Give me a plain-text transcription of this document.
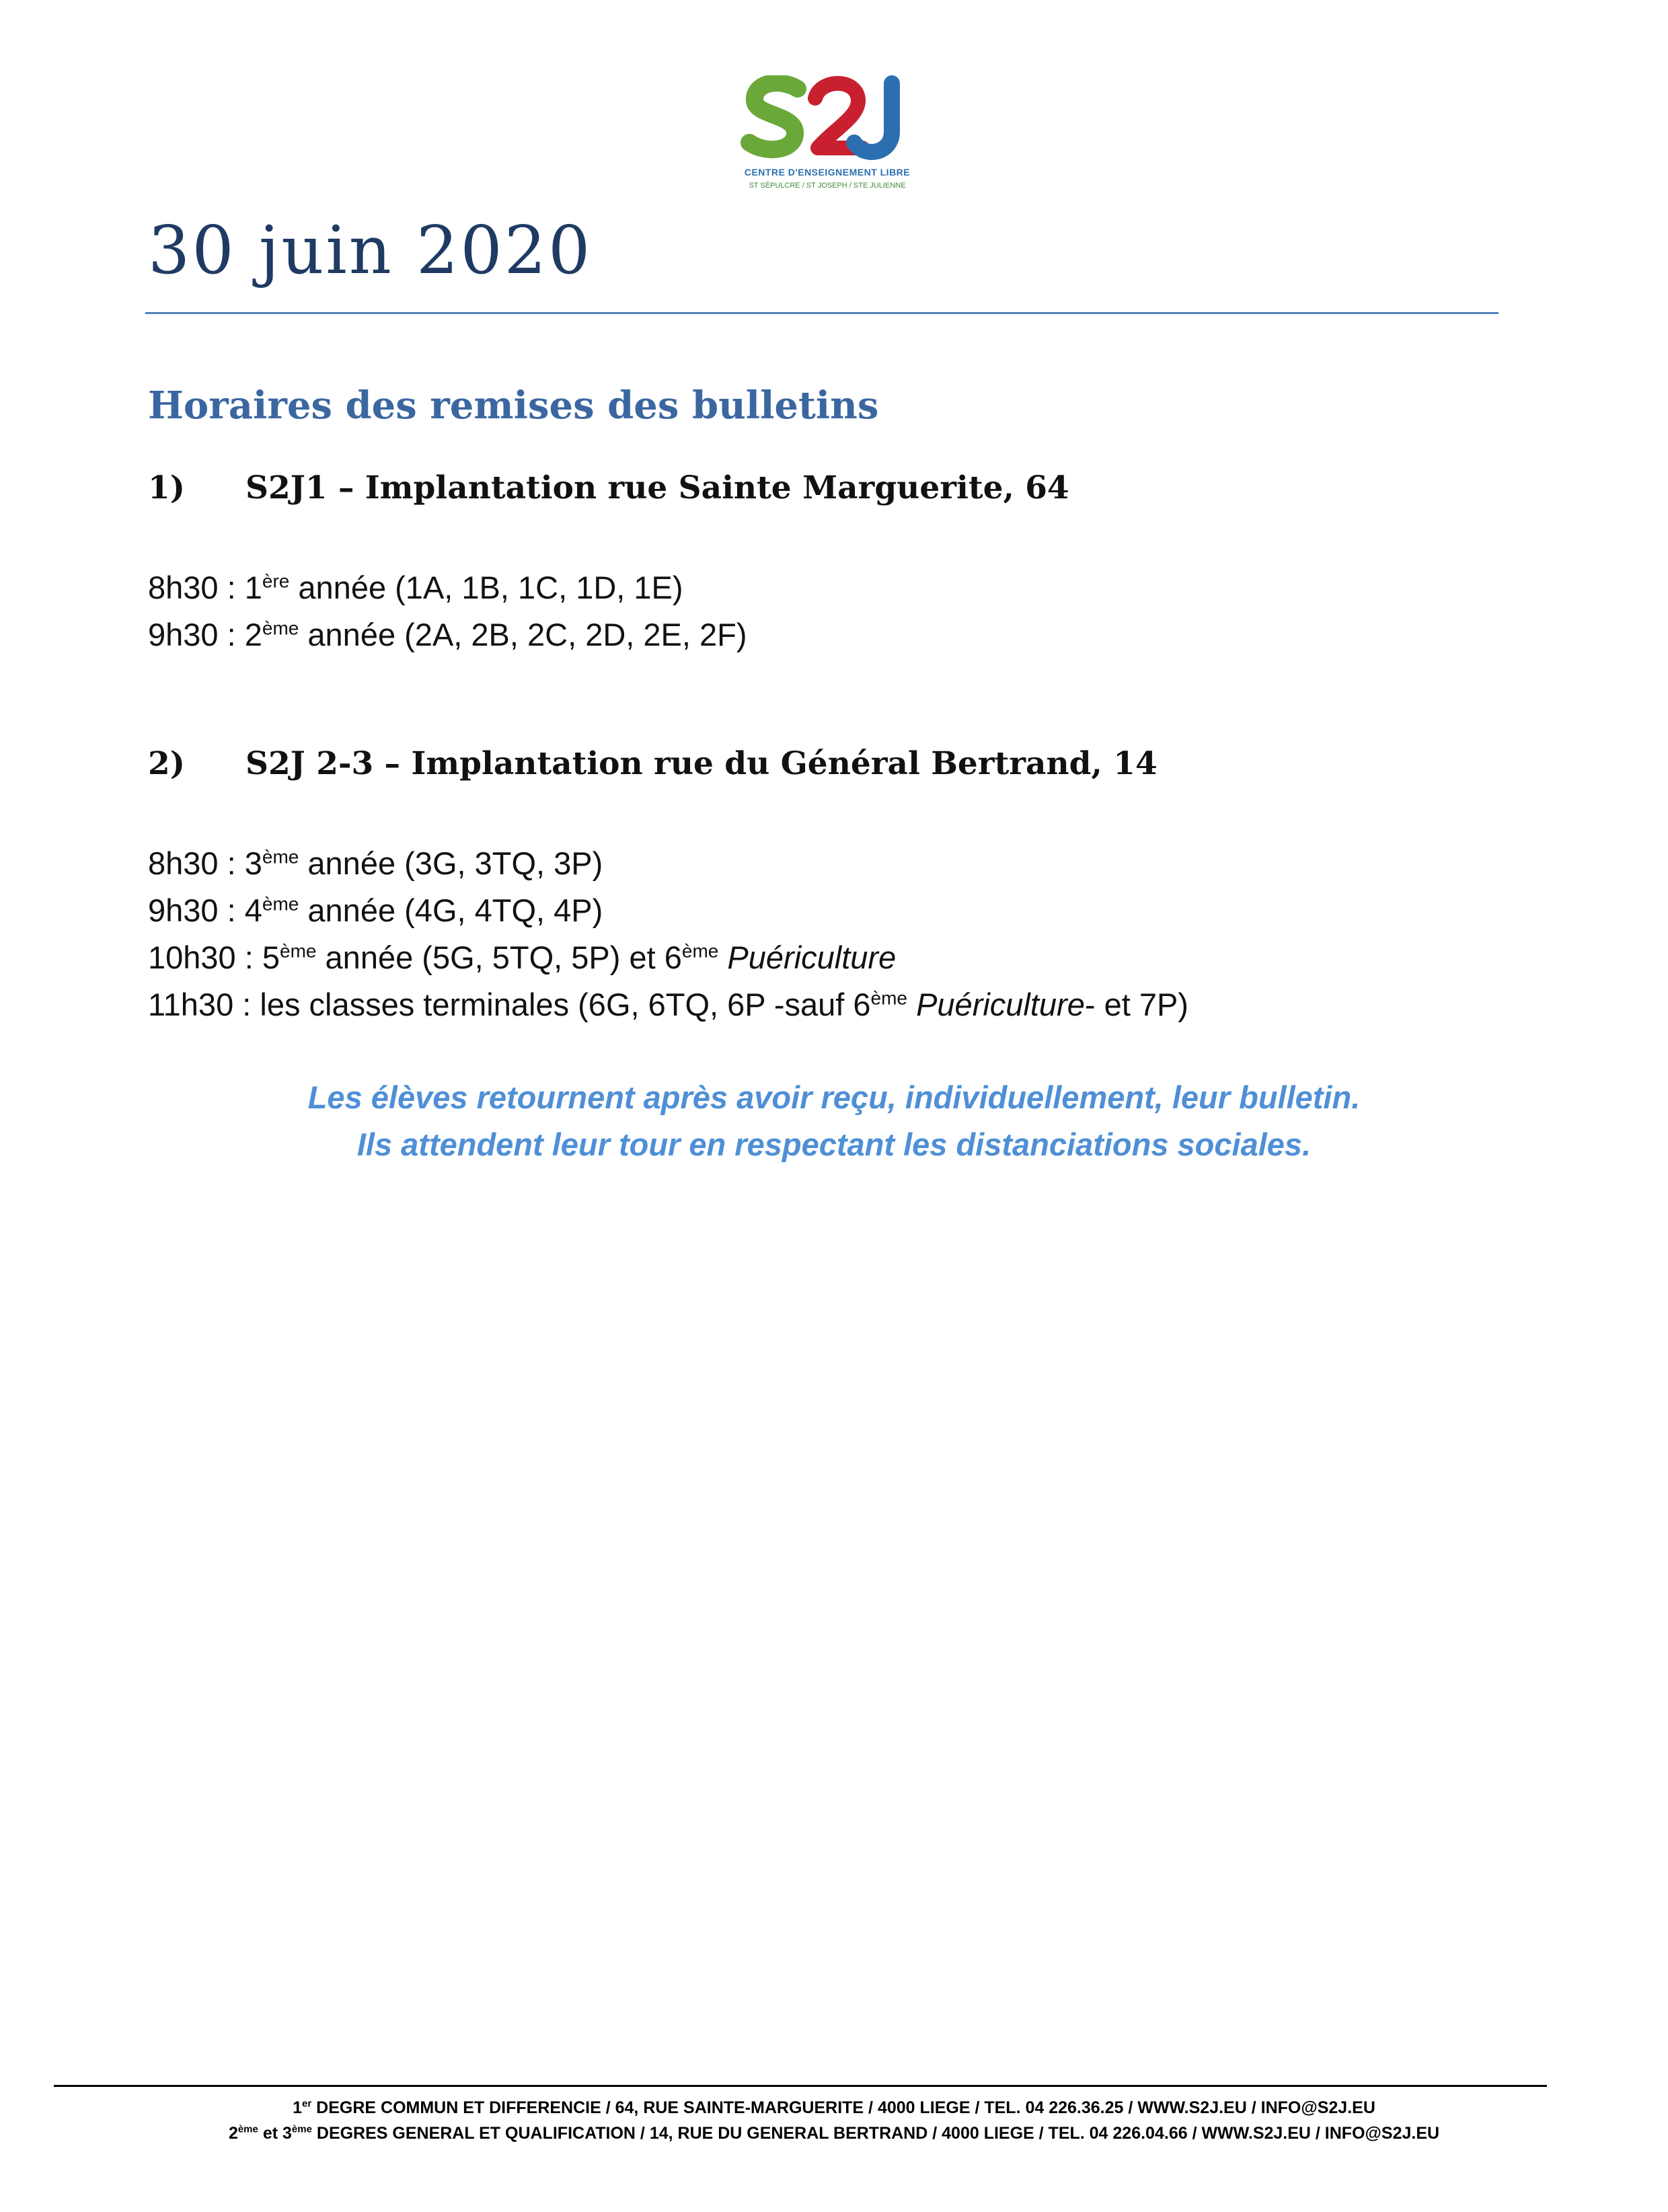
CENTRE D'ENSEIGNEMENT LIBRE
ST SÉPULCRE / ST JOSEPH / STE JULIENNE
30 juin 2020
Horaires des remises des bulletins
1) S2J1 – Implantation rue Sainte Marguerite, 64
8h30 : 1ère année (1A, 1B, 1C, 1D, 1E)
9h30 : 2ème année (2A, 2B, 2C, 2D, 2E, 2F)
2) S2J 2-3 – Implantation rue du Général Bertrand, 14
8h30 : 3ème année (3G, 3TQ, 3P)
9h30 : 4ème année (4G, 4TQ, 4P)
10h30 : 5ème année (5G, 5TQ, 5P) et 6ème Puériculture
11h30 : les classes terminales (6G, 6TQ, 6P -sauf 6ème Puériculture- et 7P)
Les élèves retournent après avoir reçu, individuellement, leur bulletin.
Ils attendent leur tour en respectant les distanciations sociales.
1er DEGRE COMMUN ET DIFFERENCIE / 64, RUE SAINTE-MARGUERITE / 4000 LIEGE / TEL. 04 226.36.25 / WWW.S2J.EU / INFO@S2J.EU
2ème et 3ème DEGRES GENERAL ET QUALIFICATION / 14, RUE DU GENERAL BERTRAND / 4000 LIEGE / TEL. 04 226.04.66 / WWW.S2J.EU / INFO@S2J.EU
